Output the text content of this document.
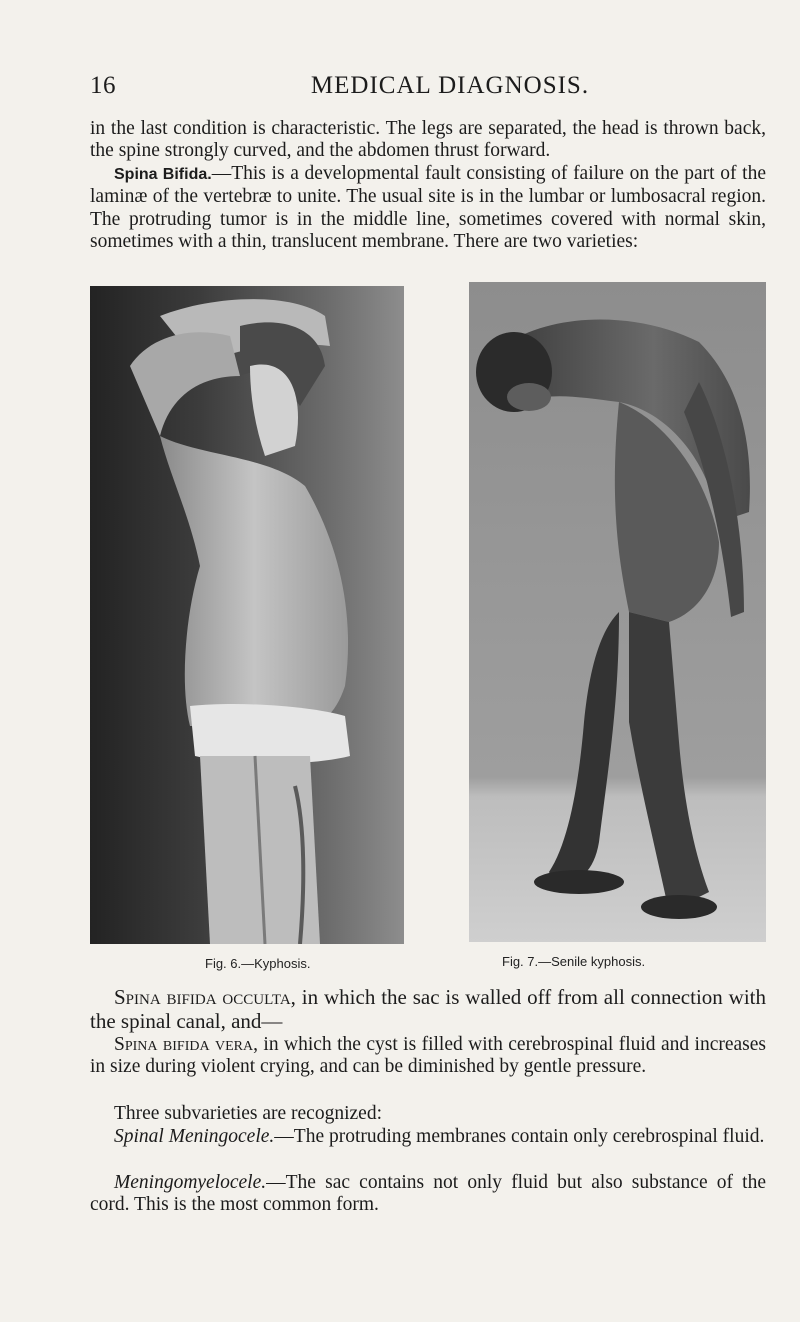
16	MEDICAL DIAGNOSIS.

in the last condition is characteristic. The legs are separated, the head is thrown back, the spine strongly curved, and the abdomen thrust forward.
Spina Bifida.—This is a developmental fault consisting of failure on the part of the laminæ of the vertebræ to unite. The usual site is in the lumbar or lumbosacral region. The protruding tumor is in the middle line, sometimes covered with normal skin, sometimes with a thin, translucent membrane. There are two varieties:

Fig. 6.—Kyphosis.	Fig. 7.—Senile kyphosis.

Spina bifida occulta, in which the sac is walled off from all connection with the spinal canal, and—

Spina bifida vera, in which the cyst is filled with cerebrospinal fluid and increases in size during violent crying, and can be diminished by gentle pressure.

Three subvarieties are recognized:

Spinal Meningocele.—The protruding membranes contain only cerebrospinal fluid.

Meningomyelocele.—The sac contains not only fluid but also substance of the cord. This is the most common form.
